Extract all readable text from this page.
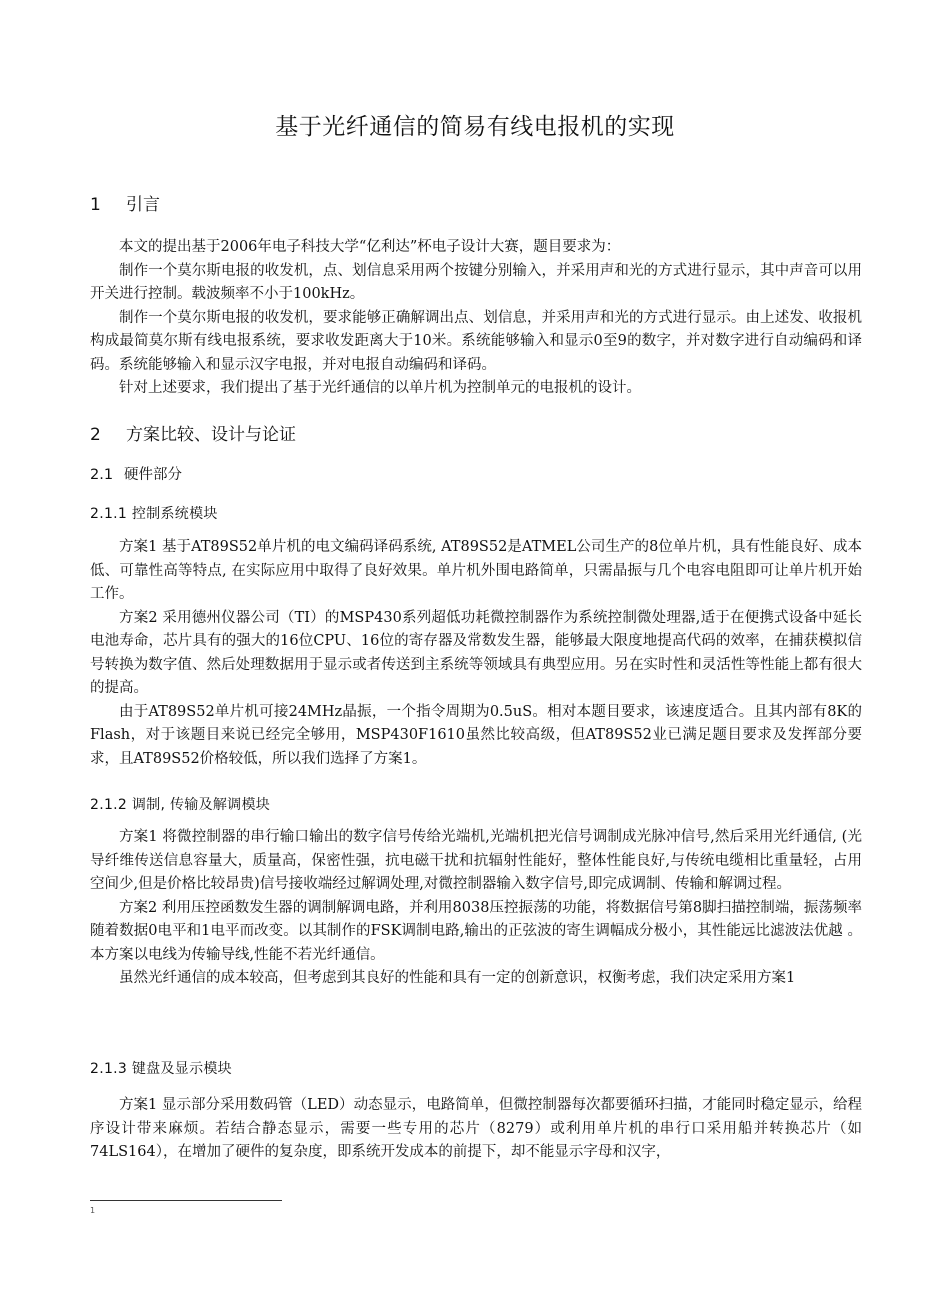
基于光纤通信的简易有线电报机的实现
1 引言

本文的提出基于2006年电子科技大学“亿利达”杯电子设计大赛，题目要求为：

制作一个莫尔斯电报的收发机，点、划信息采用两个按键分别输入，并采用声和光的方式进行显示，其中声音可以用开关进行控制。载波频率不小于100kHz。

制作一个莫尔斯电报的收发机，要求能够正确解调出点、划信息，并采用声和光的方式进行显示。由上述发、收报机构成最简莫尔斯有线电报系统，要求收发距离大于10米。系统能够输入和显示0至9的数字，并对数字进行自动编码和译码。系统能够输入和显示汉字电报，并对电报自动编码和译码。

针对上述要求，我们提出了基于光纤通信的以单片机为控制单元的电报机的设计。

2 方案比较、设计与论证
2.1 硬件部分
2.1.1 控制系统模块

方案1 基于AT89S52单片机的电文编码译码系统, AT89S52是ATMEL公司生产的8位单片机，具有性能良好、成本低、可靠性高等特点, 在实际应用中取得了良好效果。单片机外围电路简单，只需晶振与几个电容电阻即可让单片机开始工作。

方案2 采用德州仪器公司（TI）的MSP430系列超低功耗微控制器作为系统控制微处理器,适于在便携式设备中延长电池寿命，芯片具有的强大的16位CPU、16位的寄存器及常数发生器，能够最大限度地提高代码的效率，在捕获模拟信号转换为数字值、然后处理数据用于显示或者传送到主系统等领域具有典型应用。另在实时性和灵活性等性能上都有很大的提高。

由于AT89S52单片机可接24MHz晶振，一个指令周期为0.5uS。相对本题目要求，该速度适合。且其内部有8K的Flash，对于该题目来说已经完全够用，MSP430F1610虽然比较高级，但AT89S52业已满足题目要求及发挥部分要求，且AT89S52价格较低，所以我们选择了方案1。

2.1.2 调制, 传输及解调模块

方案1 将微控制器的串行输口输出的数字信号传给光端机,光端机把光信号调制成光脉冲信号,然后采用光纤通信, (光导纤维传送信息容量大，质量高，保密性强，抗电磁干扰和抗辐射性能好，整体性能良好,与传统电缆相比重量轻，占用空间少,但是价格比较昂贵)信号接收端经过解调处理,对微控制器输入数字信号,即完成调制、传输和解调过程。

方案2 利用压控函数发生器的调制解调电路，并利用8038压控振荡的功能，将数据信号第8脚扫描控制端，振荡频率随着数据0电平和1电平而改变。以其制作的FSK调制电路,输出的正弦波的寄生调幅成分极小，其性能远比滤波法优越 。本方案以电线为传输导线,性能不若光纤通信。

虽然光纤通信的成本较高，但考虑到其良好的性能和具有一定的创新意识，权衡考虑，我们决定采用方案1

2.1.3 键盘及显示模块

方案1 显示部分采用数码管（LED）动态显示，电路简单，但微控制器每次都要循环扫描，才能同时稳定显示，给程序设计带来麻烦。若结合静态显示，需要一些专用的芯片（8279）或利用单片机的串行口采用船并转换芯片（如74LS164），在增加了硬件的复杂度，即系统开发成本的前提下，却不能显示字母和汉字，

1
